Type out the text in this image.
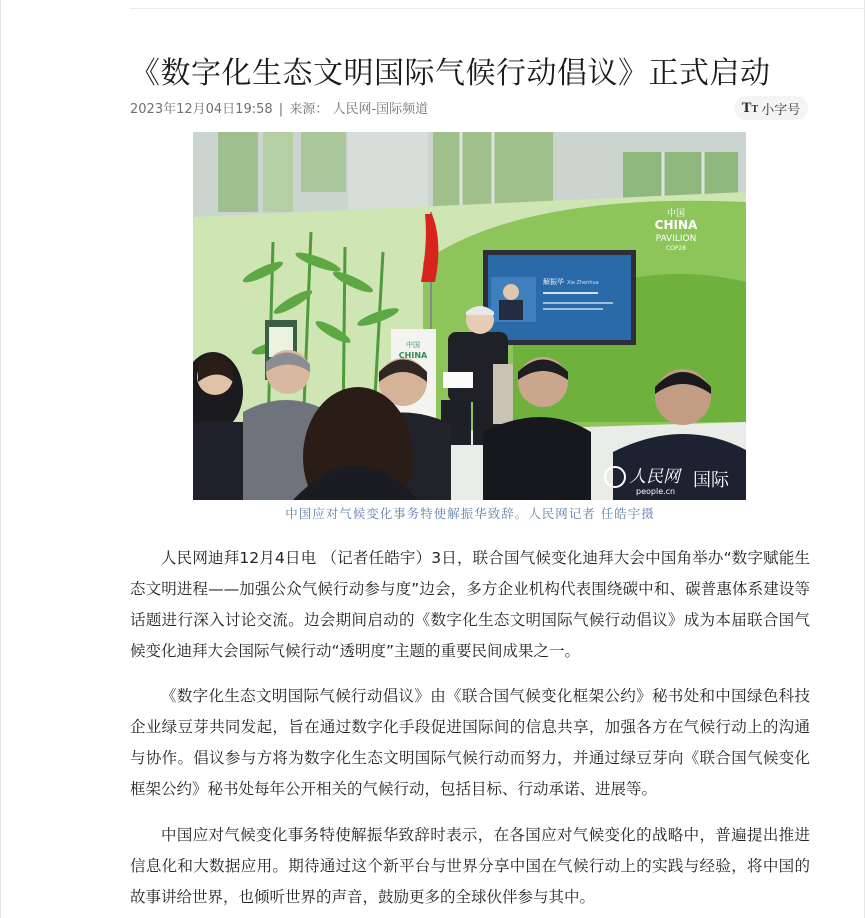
《数字化生态文明国际气候行动倡议》正式启动
2023年12月04日19:58 | 来源： 人民网-国际频道	TT 小字号
中国
CHINA
PAVILION
COP28
解振华 Xie Zhenhua
中国
CHINA
人民网
people.cn
国际
中国应对气候变化事务特使解振华致辞。人民网记者 任皓宇摄

人民网迪拜12月4日电 （记者任皓宇）3日，联合国气候变化迪拜大会中国角举办“数字赋能生态文明进程——加强公众气候行动参与度”边会，多方企业机构代表围绕碳中和、碳普惠体系建设等话题进行深入讨论交流。边会期间启动的《数字化生态文明国际气候行动倡议》成为本届联合国气候变化迪拜大会国际气候行动“透明度”主题的重要民间成果之一。

《数字化生态文明国际气候行动倡议》由《联合国气候变化框架公约》秘书处和中国绿色科技企业绿豆芽共同发起，旨在通过数字化手段促进国际间的信息共享，加强各方在气候行动上的沟通与协作。倡议参与方将为数字化生态文明国际气候行动而努力，并通过绿豆芽向《联合国气候变化框架公约》秘书处每年公开相关的气候行动，包括目标、行动承诺、进展等。

中国应对气候变化事务特使解振华致辞时表示，在各国应对气候变化的战略中，普遍提出推进信息化和大数据应用。期待通过这个新平台与世界分享中国在气候行动上的实践与经验，将中国的故事讲给世界，也倾听世界的声音，鼓励更多的全球伙伴参与其中。
